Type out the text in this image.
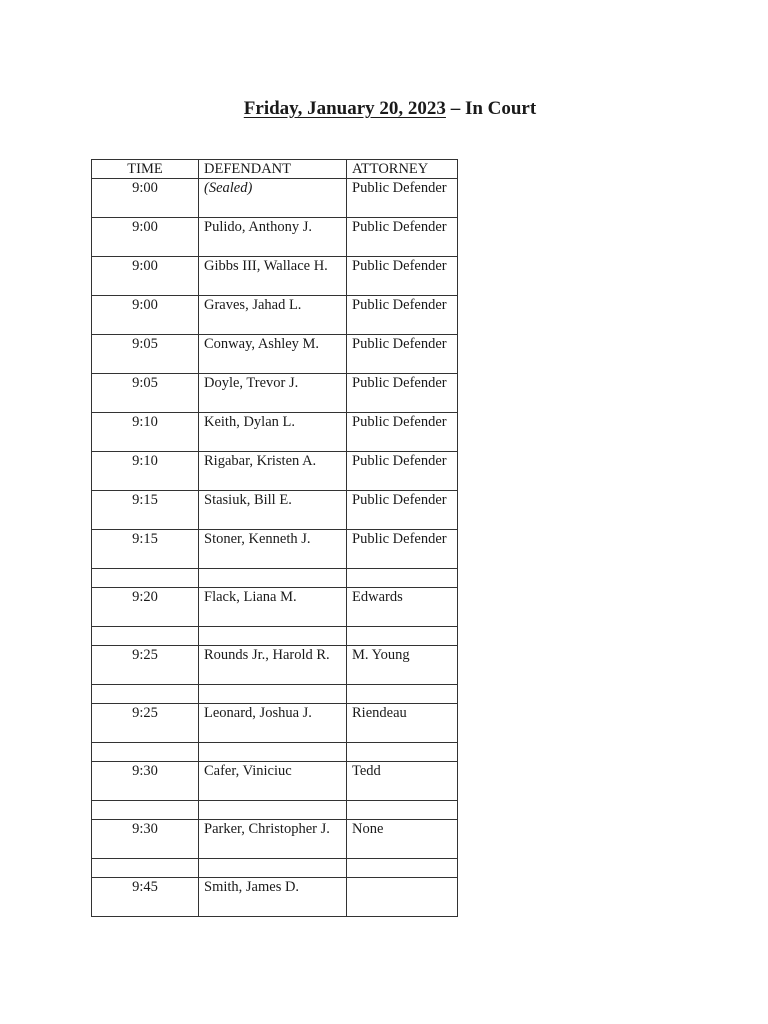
Friday, January 20, 2023 – In Court
TIME	DEFENDANT	ATTORNEY
9:00	(Sealed)	Public Defender
9:00	Pulido, Anthony J.	Public Defender
9:00	Gibbs III, Wallace H.	Public Defender
9:00	Graves, Jahad L.	Public Defender
9:05	Conway, Ashley M.	Public Defender
9:05	Doyle, Trevor J.	Public Defender
9:10	Keith, Dylan L.	Public Defender
9:10	Rigabar, Kristen A.	Public Defender
9:15	Stasiuk, Bill E.	Public Defender
9:15	Stoner, Kenneth J.	Public Defender

9:20	Flack, Liana M.	Edwards

9:25	Rounds Jr., Harold R.	M. Young

9:25	Leonard, Joshua J.	Riendeau

9:30	Cafer, Viniciuc	Tedd

9:30	Parker, Christopher J.	None

9:45	Smith, James D.	
